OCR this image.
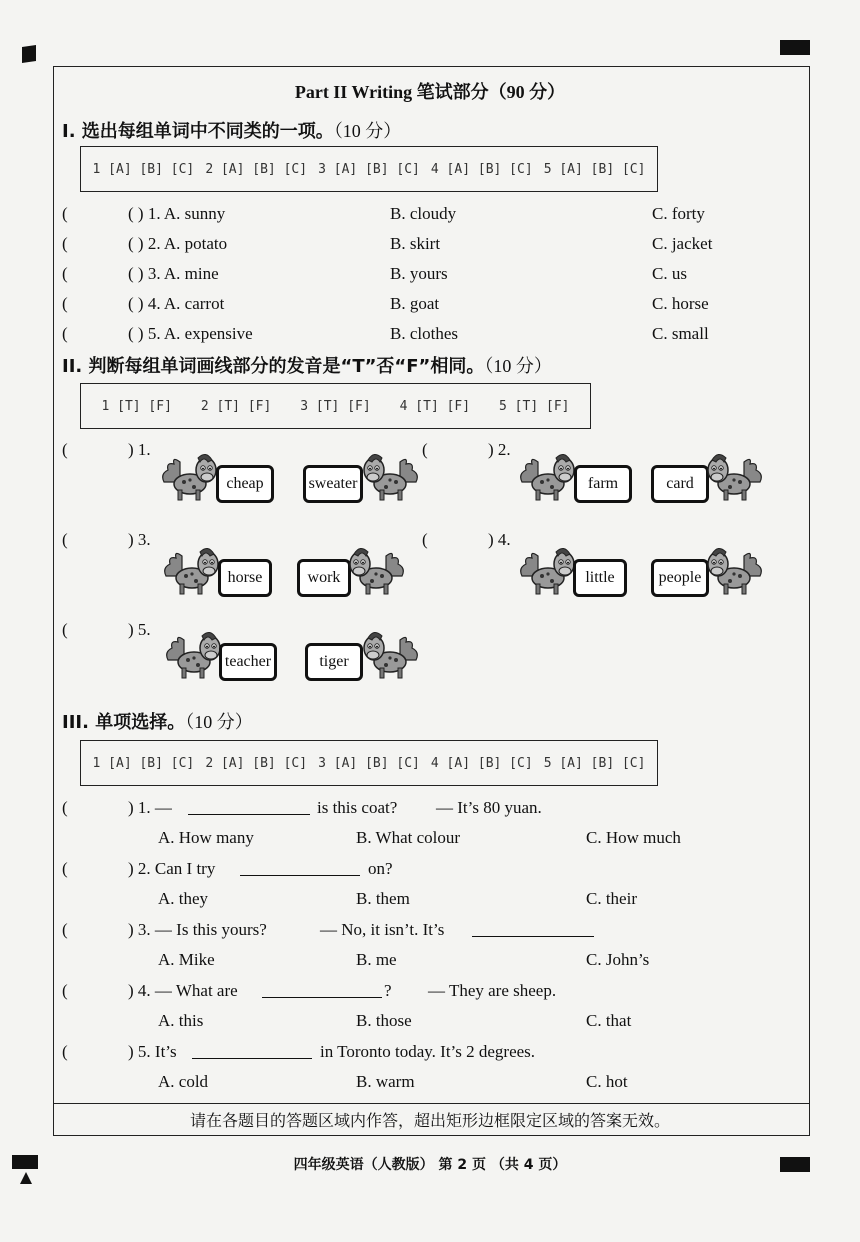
Part II Writing 笔试部分（90 分）
I. 选出每组单词中不同类的一项。（10 分）
1 [A] [B] [C] 2 [A] [B] [C] 3 [A] [B] [C] 4 [A] [B] [C] 5 [A] [B] [C]
(	( ) 1. A. sunny	B. cloudy	C. forty
(	( ) 2. A. potato	B. skirt	C. jacket
(	( ) 3. A. mine	B. yours	C. us
(	( ) 4. A. carrot	B. goat	C. horse
(	( ) 5. A. expensive	B. clothes	C. small
II. 判断每组单词画线部分的发音是“T”否“F”相同。（10 分）
1 [T] [F] 2 [T] [F] 3 [T] [F] 4 [T] [F] 5 [T] [F]
(	) 1.
cheap	sweater
(	) 2.
farm	card
(	) 3.
horse	work
(	) 4.
little	people
(	) 5.
teacher	tiger
III. 单项选择。（10 分）
1 [A] [B] [C] 2 [A] [B] [C] 3 [A] [B] [C] 4 [A] [B] [C] 5 [A] [B] [C]
(	) 1. —	is this coat? — It’s 80 yuan.
A. How many	B. What colour	C. How much
(	) 2. Can I try	on?
A. they	B. them	C. their
(	) 3. — Is this yours?	— No, it isn’t. It’s
A. Mike	B. me	C. John’s
(	) 4. — What are	? — They are sheep.
A. this	B. those	C. that
(	) 5. It’s	in Toronto today. It’s 2 degrees.
A. cold	B. warm	C. hot
请在各题目的答题区域内作答，超出矩形边框限定区域的答案无效。
四年级英语（人教版） 第 2 页 （共 4 页）
